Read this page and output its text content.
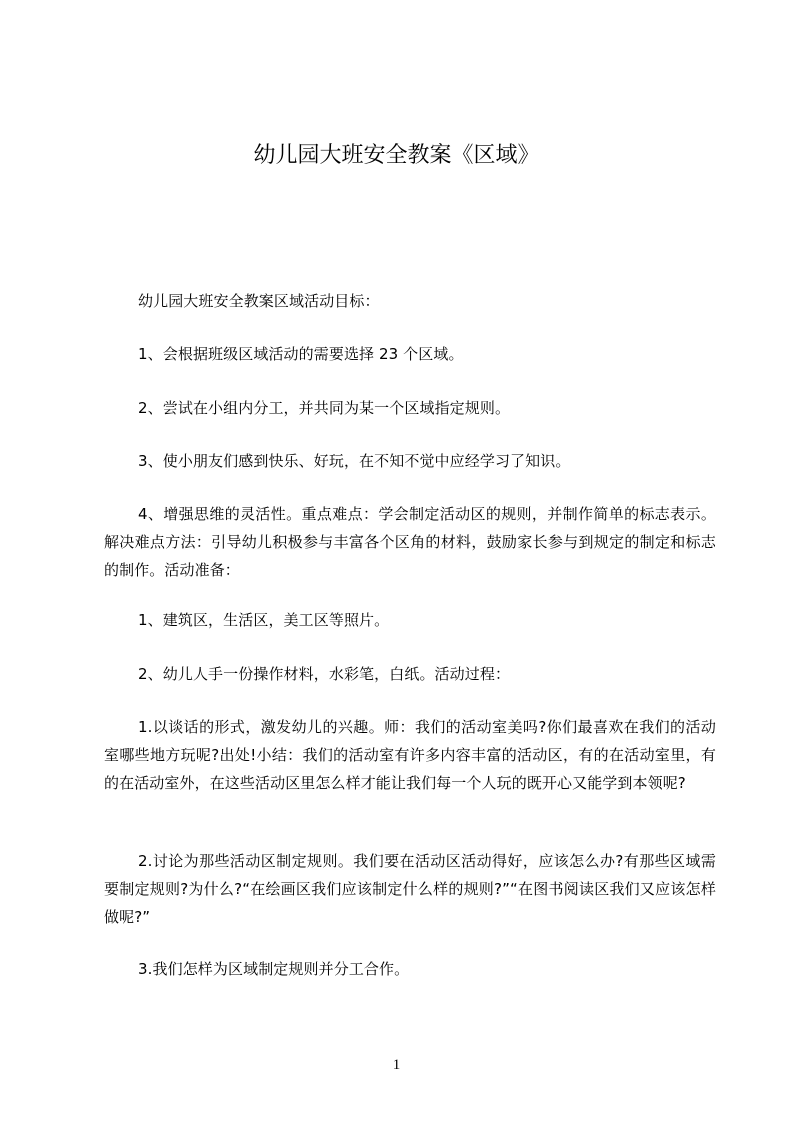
幼儿园大班安全教案《区域》

幼儿园大班安全教案区域活动目标：

1、会根据班级区域活动的需要选择 23 个区域。

2、尝试在小组内分工，并共同为某一个区域指定规则。

3、使小朋友们感到快乐、好玩，在不知不觉中应经学习了知识。

4、增强思维的灵活性。重点难点：学会制定活动区的规则，并制作简单的标志表示。解决难点方法：引导幼儿积极参与丰富各个区角的材料，鼓励家长参与到规定的制定和标志的制作。活动准备：

1、建筑区，生活区，美工区等照片。

2、幼儿人手一份操作材料，水彩笔，白纸。活动过程：

1.以谈话的形式，激发幼儿的兴趣。师：我们的活动室美吗?你们最喜欢在我们的活动室哪些地方玩呢?出处!小结：我们的活动室有许多内容丰富的活动区，有的在活动室里，有的在活动室外，在这些活动区里怎么样才能让我们每一个人玩的既开心又能学到本领呢?

2.讨论为那些活动区制定规则。我们要在活动区活动得好，应该怎么办?有那些区域需要制定规则?为什么?“在绘画区我们应该制定什么样的规则?”“在图书阅读区我们又应该怎样做呢?”

3.我们怎样为区域制定规则并分工合作。

1
